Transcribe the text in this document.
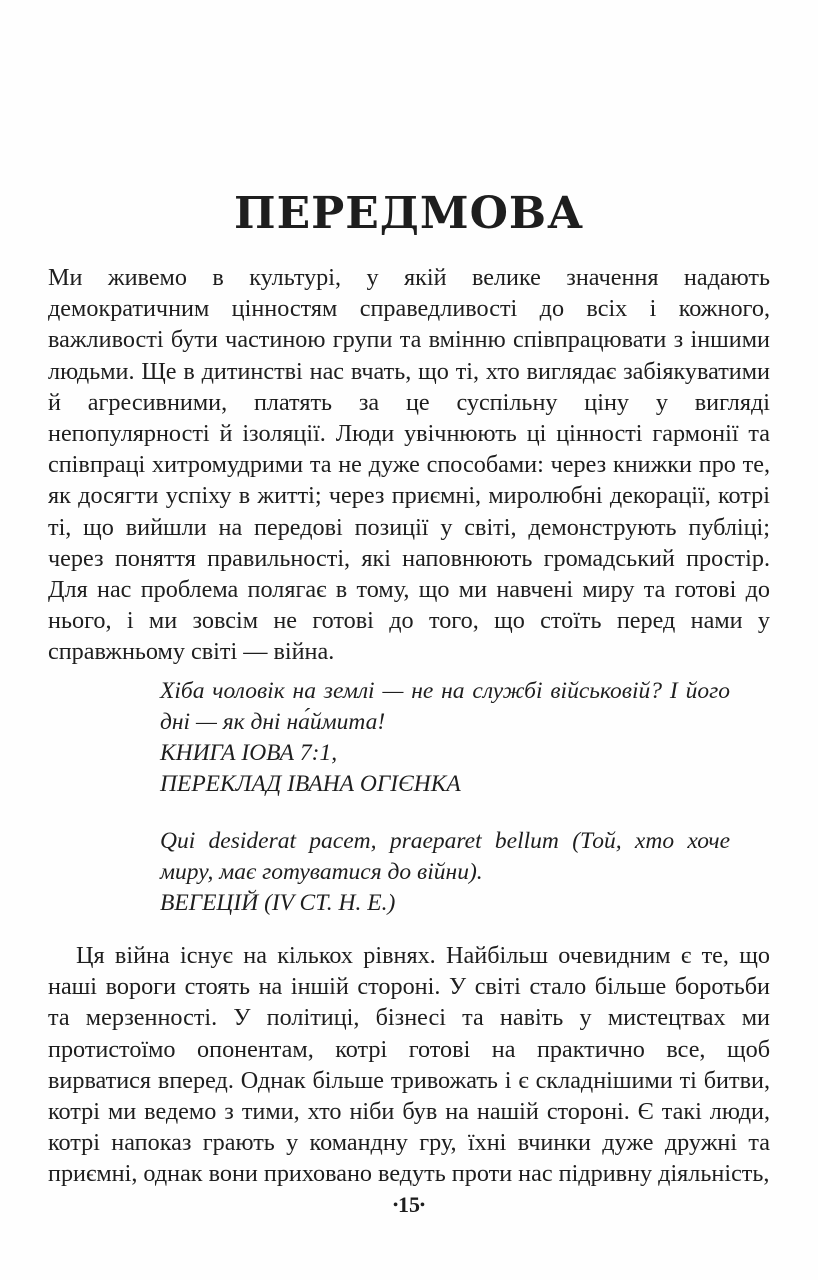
ПЕРЕДМОВА

Ми живемо в культурі, у якій велике значення надають демократичним цінностям справедливості до всіх і кожного, важливості бути частиною групи та вмінню співпрацювати з іншими людьми. Ще в дитинстві нас вчать, що ті, хто виглядає забіякуватими й агресивними, платять за це суспільну ціну у вигляді непопулярності й ізоляції. Люди увічнюють ці цінності гармонії та співпраці хитромудрими та не дуже способами: через книжки про те, як досягти успіху в житті; через приємні, миролюбні декорації, котрі ті, що вийшли на передові позиції у світі, демонструють публіці; через поняття правильності, які наповнюють громадський простір. Для нас проблема полягає в тому, що ми навчені миру та готові до нього, і ми зовсім не готові до того, що стоїть перед нами у справжньому світі — війна.

Хіба чоловік на землі — не на службі військовій? І його дні — як дні на́ймита!
КНИГА ІОВА 7:1,
ПЕРЕКЛАД ІВАНА ОГІЄНКА
Qui desiderat pacem, praeparet bellum (Той, хто хоче миру, має готуватися до війни).
ВЕГЕЦІЙ (IV СТ. Н. Е.)

Ця війна існує на кількох рівнях. Найбільш очевидним є те, що наші вороги стоять на іншій стороні. У світі стало більше боротьби та мерзенності. У політиці, бізнесі та навіть у мистецтвах ми протистоїмо опонентам, котрі готові на практично все, щоб вирватися вперед. Однак більше тривожать і є складнішими ті битви, котрі ми ведемо з тими, хто ніби був на нашій стороні. Є такі люди, котрі напоказ грають у командну гру, їхні вчинки дуже дружні та приємні, однак вони приховано ведуть проти нас підривну діяльність,

•15•
